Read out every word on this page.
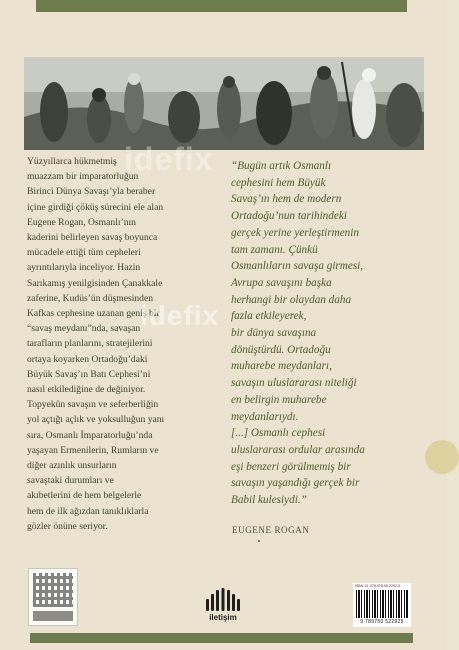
idefix
Yüzyıllarca hükmetmiş
muazzam bir imparatorluğun
Birinci Dünya Savaşı’yla beraber
içine girdiği çöküş sürecini ele alan
Eugene Rogan, Osmanlı’nın
kaderini belirleyen savaş boyunca
mücadele ettiği tüm cepheleri
ayrıntılarıyla inceliyor. Hazin
Sarıkamış yenilgisinden Çanakkale
zaferine, Kudüs’ün düşmesinden
Kafkas cephesine uzanan geniş bir
“savaş meydanı”nda, savaşan
tarafların planlarını, stratejilerini
ortaya koyarken Ortadoğu’daki
Büyük Savaş’ın Batı Cephesi’ni
nasıl etkilediğine de değiniyor.
Topyekûn savaşın ve seferberliğin
yol açtığı açlık ve yoksulluğun yanı
sıra, Osmanlı İmparatorluğu’nda
yaşayan Ermenilerin, Rumların ve
diğer azınlık unsurların
savaştaki durumları ve
akıbetlerini de hem belgelerle
hem de ilk ağızdan tanıklıklarla
gözler önüne seriyor.
“Bugün artık Osmanlı
cephesini hem Büyük
Savaş’ın hem de modern
Ortadoğu’nun tarihindeki
gerçek yerine yerleştirmenin
tam zamanı. Çünkü
Osmanlıların savaşa girmesi,
Avrupa savaşını başka
herhangi bir olaydan daha
fazla etkileyerek,
bir dünya savaşına
dönüştürdü. Ortadoğu
muharebe meydanları,
savaşın uluslararası niteliği
en belirgin muharebe
meydanlarıydı.
[...] Osmanlı cephesi
uluslararası ordular arasında
eşi benzeri görülmemiş bir
savaşın yaşandığı gerçek bir
Babil kulesiydi.”
idefix
EUGENE ROGAN
iletişim
ISBN 13: 978-975-05-2292-5
9 789750 522925
